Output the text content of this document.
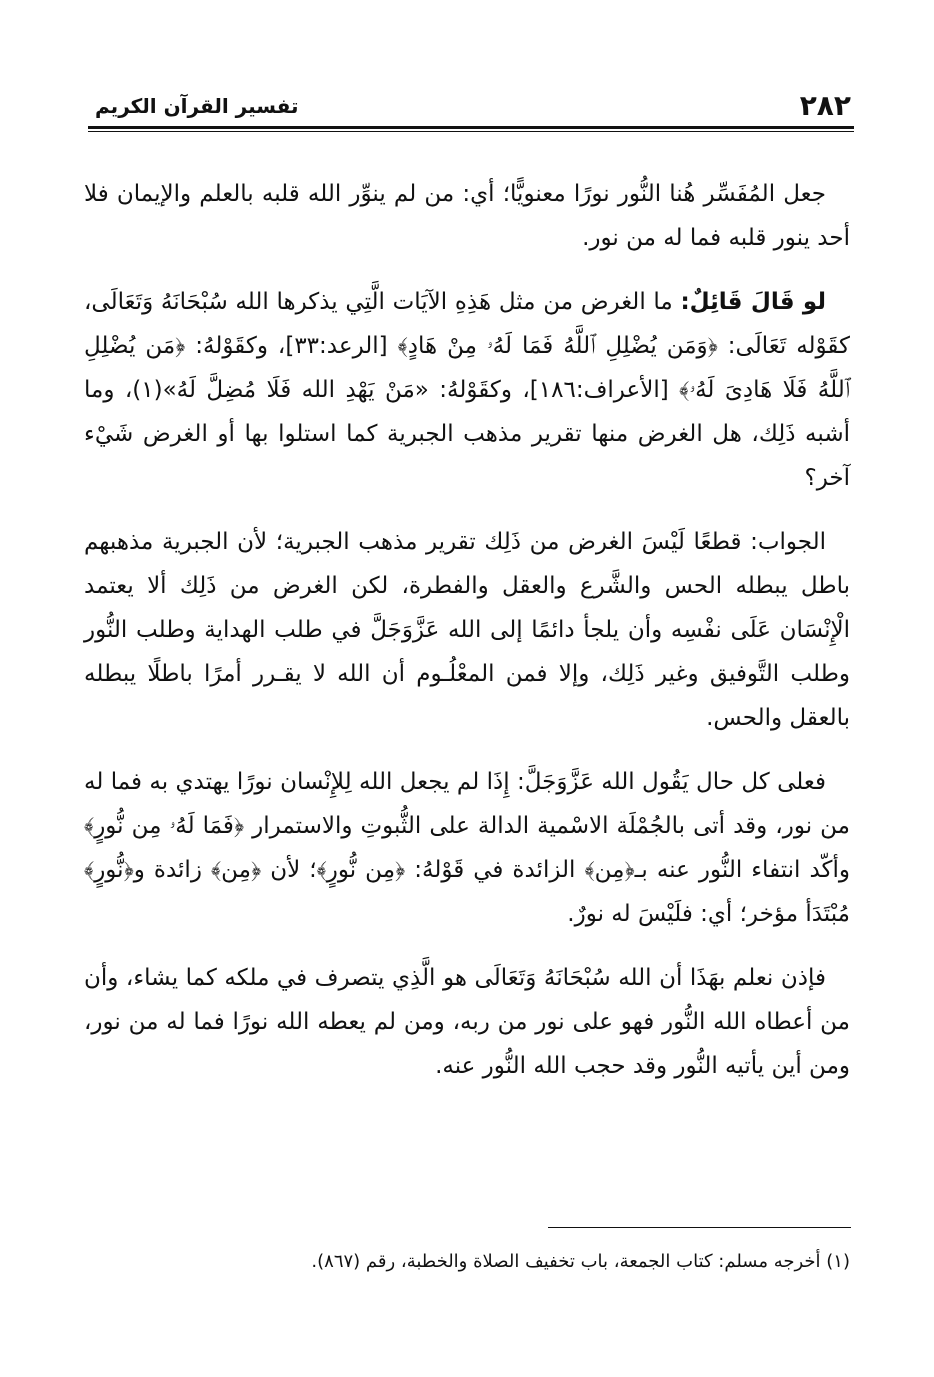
٢٨٢
تفسير القرآن الكريم

جعل المُفَسِّر هُنا النُّور نورًا معنويًّا؛ أي: من لم ينوِّر الله قلبه بالعلم والإيمان فلا أحد ينور قلبه فما له من نور.

لو قَالَ قَائِلٌ: ما الغرض من مثل هَذِهِ الآيَات الَّتِي يذكرها الله سُبْحَانَهُ وَتَعَالَى، كقَوْله تَعَالَى: ﴿وَمَن يُضْلِلِ ٱللَّهُ فَمَا لَهُۥ مِنْ هَادٍ﴾ [الرعد:٣٣]، وكقَوْلهُ: ﴿مَن يُضْلِلِ ٱللَّهُ فَلَا هَادِىَ لَهُۥ﴾ [الأعراف:١٨٦]، وكقَوْلهُ: «مَنْ يَهْدِ الله فَلَا مُضِلَّ لَهُ»(١)، وما أشبه ذَلِك، هل الغرض منها تقرير مذهب الجبرية كما استلوا بها أو الغرض شَيْء آخر؟

الجواب: قطعًا لَيْسَ الغرض من ذَلِك تقرير مذهب الجبرية؛ لأن الجبرية مذهبهم باطل يبطله الحس والشَّرع والعقل والفطرة، لكن الغرض من ذَلِك ألا يعتمد الْإِنْسَان عَلَى نفْسِه وأن يلجأ دائمًا إلى الله عَزَّوَجَلَّ في طلب الهداية وطلب النُّور وطلب التَّوفيق وغير ذَلِك، وإلا فمن المعْلُـوم أن الله لا يقـرر أمرًا باطلًا يبطله بالعقل والحس.

فعلى كل حال يَقُول الله عَزَّوَجَلَّ: إِذَا لم يجعل الله لِلإِنْسان نورًا يهتدي به فما له من نور، وقد أتى بالجُمْلَة الاسْمية الدالة على الثُّبوتِ والاستمرار ﴿فَمَا لَهُۥ مِن نُّورٍ﴾ وأكّد انتفاء النُّور عنه بـ﴿مِن﴾ الزائدة في قَوْلهُ: ﴿مِن نُّورٍ﴾؛ لأن ﴿مِن﴾ زائدة و﴿نُّورٍ﴾ مُبْتَدَأ مؤخر؛ أي: فلَيْسَ له نورٌ.

فإذن نعلم بهَذَا أن الله سُبْحَانَهُ وَتَعَالَى هو الَّذِي يتصرف في ملكه كما يشاء، وأن من أعطاه الله النُّور فهو على نور من ربه، ومن لم يعطه الله نورًا فما له من نور، ومن أين يأتيه النُّور وقد حجب الله النُّور عنه.

(١) أخرجه مسلم: كتاب الجمعة، باب تخفيف الصلاة والخطبة، رقم (٨٦٧).
